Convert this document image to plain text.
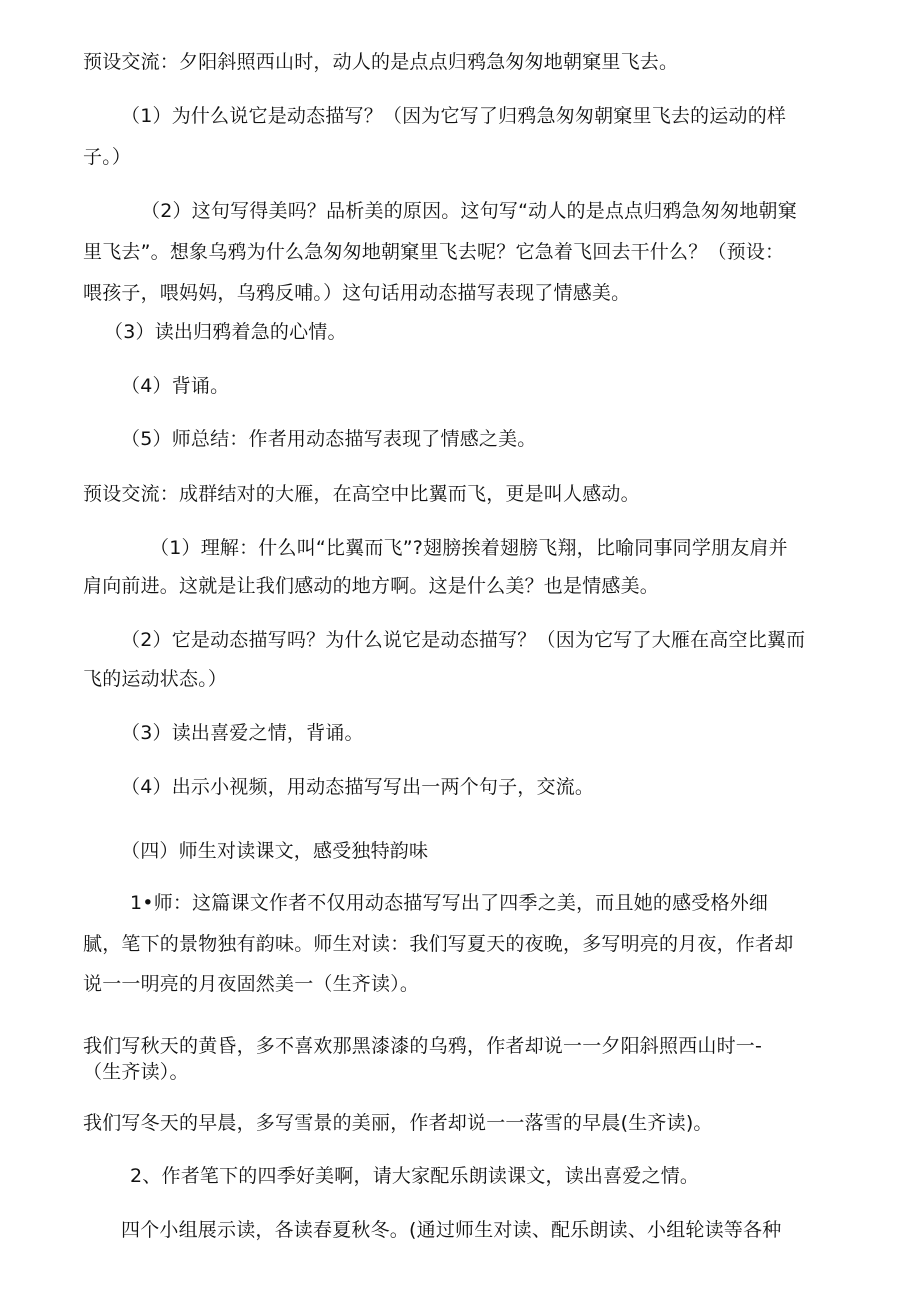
预设交流：夕阳斜照西山时，动人的是点点归鸦急匆匆地朝窠里飞去。
（1）为什么说它是动态描写？（因为它写了归鸦急匆匆朝窠里飞去的运动的样
子。）
（2）这句写得美吗？品析美的原因。这句写“动人的是点点归鸦急匆匆地朝窠
里飞去”。想象乌鸦为什么急匆匆地朝窠里飞去呢？它急着飞回去干什么？（预设：
喂孩子，喂妈妈，乌鸦反哺。）这句话用动态描写表现了情感美。
（3）读出归鸦着急的心情。
（4）背诵。
（5）师总结：作者用动态描写表现了情感之美。
预设交流：成群结对的大雁，在高空中比翼而飞，更是叫人感动。
（1）理解：什么叫“比翼而飞”?翅膀挨着翅膀飞翔，比喻同事同学朋友肩并
肩向前进。这就是让我们感动的地方啊。这是什么美？也是情感美。
（2）它是动态描写吗？为什么说它是动态描写？（因为它写了大雁在高空比翼而
飞的运动状态。）
（3）读出喜爱之情，背诵。
（4）出示小视频，用动态描写写出一两个句子，交流。
（四）师生对读课文，感受独特韵味
1•师：这篇课文作者不仅用动态描写写出了四季之美，而且她的感受格外细
腻，笔下的景物独有韵味。师生对读：我们写夏天的夜晚，多写明亮的月夜，作者却
说一一明亮的月夜固然美一（生齐读）。
我们写秋天的黄昏，多不喜欢那黑漆漆的乌鸦，作者却说一一夕阳斜照西山时一-
（生齐读）。
我们写冬天的早晨，多写雪景的美丽，作者却说一一落雪的早晨(生齐读)。
2、作者笔下的四季好美啊，请大家配乐朗读课文，读出喜爱之情。
四个小组展示读，各读春夏秋冬。(通过师生对读、配乐朗读、小组轮读等各种
